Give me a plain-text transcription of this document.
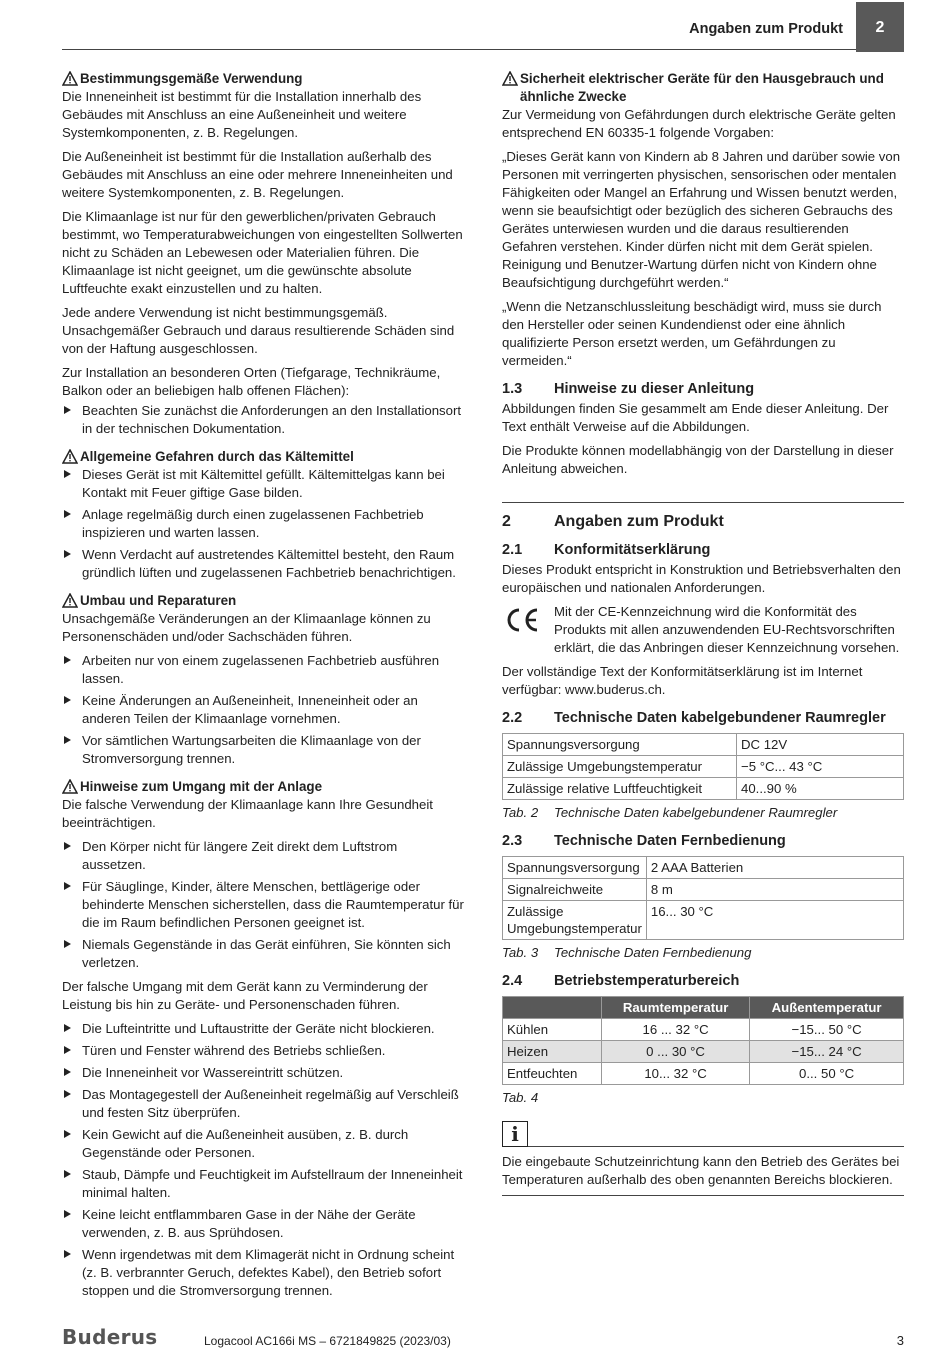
Angaben zum Produkt	2
Bestimmungsgemäße Verwendung

Die Inneneinheit ist bestimmt für die Installation innerhalb des Gebäudes mit Anschluss an eine Außeneinheit und weitere Systemkomponenten, z. B. Regelungen.

Die Außeneinheit ist bestimmt für die Installation außerhalb des Gebäudes mit Anschluss an eine oder mehrere Inneneinheiten und weitere Systemkomponenten, z. B. Regelungen.

Die Klimaanlage ist nur für den gewerblichen/privaten Gebrauch bestimmt, wo Temperaturabweichungen von eingestellten Sollwerten nicht zu Schäden an Lebewesen oder Materialien führen. Die Klimaanlage ist nicht geeignet, um die gewünschte absolute Luftfeuchte exakt einzustellen und zu halten.

Jede andere Verwendung ist nicht bestimmungsgemäß. Unsachgemäßer Gebrauch und daraus resultierende Schäden sind von der Haftung ausgeschlossen.

Zur Installation an besonderen Orten (Tiefgarage, Technikräume, Balkon oder an beliebigen halb offenen Flächen):

Beachten Sie zunächst die Anforderungen an den Installationsort in der technischen Dokumentation.
Allgemeine Gefahren durch das Kältemittel
Dieses Gerät ist mit Kältemittel gefüllt. Kältemittelgas kann bei Kontakt mit Feuer giftige Gase bilden.
Anlage regelmäßig durch einen zugelassenen Fachbetrieb inspizieren und warten lassen.
Wenn Verdacht auf austretendes Kältemittel besteht, den Raum gründlich lüften und zugelassenen Fachbetrieb benachrichtigen.
Umbau und Reparaturen

Unsachgemäße Veränderungen an der Klimaanlage können zu Personenschäden und/oder Sachschäden führen.

Arbeiten nur von einem zugelassenen Fachbetrieb ausführen lassen.
Keine Änderungen an Außeneinheit, Inneneinheit oder an anderen Teilen der Klimaanlage vornehmen.
Vor sämtlichen Wartungsarbeiten die Klimaanlage von der Stromversorgung trennen.
Hinweise zum Umgang mit der Anlage

Die falsche Verwendung der Klimaanlage kann Ihre Gesundheit beeinträchtigen.

Den Körper nicht für längere Zeit direkt dem Luftstrom aussetzen.
Für Säuglinge, Kinder, ältere Menschen, bettlägerige oder behinderte Menschen sicherstellen, dass die Raumtemperatur für die im Raum befindlichen Personen geeignet ist.
Niemals Gegenstände in das Gerät einführen, Sie könnten sich verletzen.

Der falsche Umgang mit dem Gerät kann zu Verminderung der Leistung bis hin zu Geräte- und Personenschaden führen.

Die Lufteintritte und Luftaustritte der Geräte nicht blockieren.
Türen und Fenster während des Betriebs schließen.
Die Inneneinheit vor Wassereintritt schützen.
Das Montagegestell der Außeneinheit regelmäßig auf Verschleiß und festen Sitz überprüfen.
Kein Gewicht auf die Außeneinheit ausüben, z. B. durch Gegenstände oder Personen.
Staub, Dämpfe und Feuchtigkeit im Aufstellraum der Inneneinheit minimal halten.
Keine leicht entflammbaren Gase in der Nähe der Geräte verwenden, z. B. aus Sprühdosen.
Wenn irgendetwas mit dem Klimagerät nicht in Ordnung scheint (z. B. verbrannter Geruch, defektes Kabel), den Betrieb sofort stoppen und die Stromversorgung trennen.
Sicherheit elektrischer Geräte für den Hausgebrauch und ähnliche Zwecke

Zur Vermeidung von Gefährdungen durch elektrische Geräte gelten entsprechend EN 60335-1 folgende Vorgaben:

„Dieses Gerät kann von Kindern ab 8 Jahren und darüber sowie von Personen mit verringerten physischen, sensorischen oder mentalen Fähigkeiten oder Mangel an Erfahrung und Wissen benutzt werden, wenn sie beaufsichtigt oder bezüglich des sicheren Gebrauchs des Gerätes unterwiesen wurden und die daraus resultierenden Gefahren verstehen. Kinder dürfen nicht mit dem Gerät spielen. Reinigung und Benutzer-Wartung dürfen nicht von Kindern ohne Beaufsichtigung durchgeführt werden.“

„Wenn die Netzanschlussleitung beschädigt wird, muss sie durch den Hersteller oder seinen Kundendienst oder eine ähnlich qualifizierte Person ersetzt werden, um Gefährdungen zu vermeiden.“

1.3	Hinweise zu dieser Anleitung

Abbildungen finden Sie gesammelt am Ende dieser Anleitung. Der Text enthält Verweise auf die Abbildungen.

Die Produkte können modellabhängig von der Darstellung in dieser Anleitung abweichen.

2	Angaben zum Produkt
2.1	Konformitätserklärung

Dieses Produkt entspricht in Konstruktion und Betriebsverhalten den europäischen und nationalen Anforderungen.

Mit der CE-Kennzeichnung wird die Konformität des Produkts mit allen anzuwendenden EU-Rechtsvorschriften erklärt, die das Anbringen dieser Kennzeichnung vorsehen.

Der vollständige Text der Konformitätserklärung ist im Internet verfügbar: www.buderus.ch.

2.2	Technische Daten kabelgebundener Raumregler
Spannungsversorgung	DC 12V
Zulässige Umgebungstemperatur	−5 °C... 43 °C
Zulässige relative Luftfeuchtigkeit	40...90 %
Tab. 2 Technische Daten kabelgebundener Raumregler
2.3	Technische Daten Fernbedienung
Spannungsversorgung	2 AAA Batterien
Signalreichweite	8 m
Zulässige Umgebungstemperatur	16... 30 °C
Tab. 3 Technische Daten Fernbedienung
2.4	Betriebstemperaturbereich
	Raumtemperatur	Außentemperatur
Kühlen	16 ... 32 °C	−15... 50 °C
Heizen	0 ... 30 °C	−15... 24 °C
Entfeuchten	10... 32 °C	0... 50 °C
Tab. 4
i
Die eingebaute Schutzeinrichtung kann den Betrieb des Gerätes bei Temperaturen außerhalb des oben genannten Bereichs blockieren.
Buderus	Logacool AC166i MS – 6721849825 (2023/03)	3
